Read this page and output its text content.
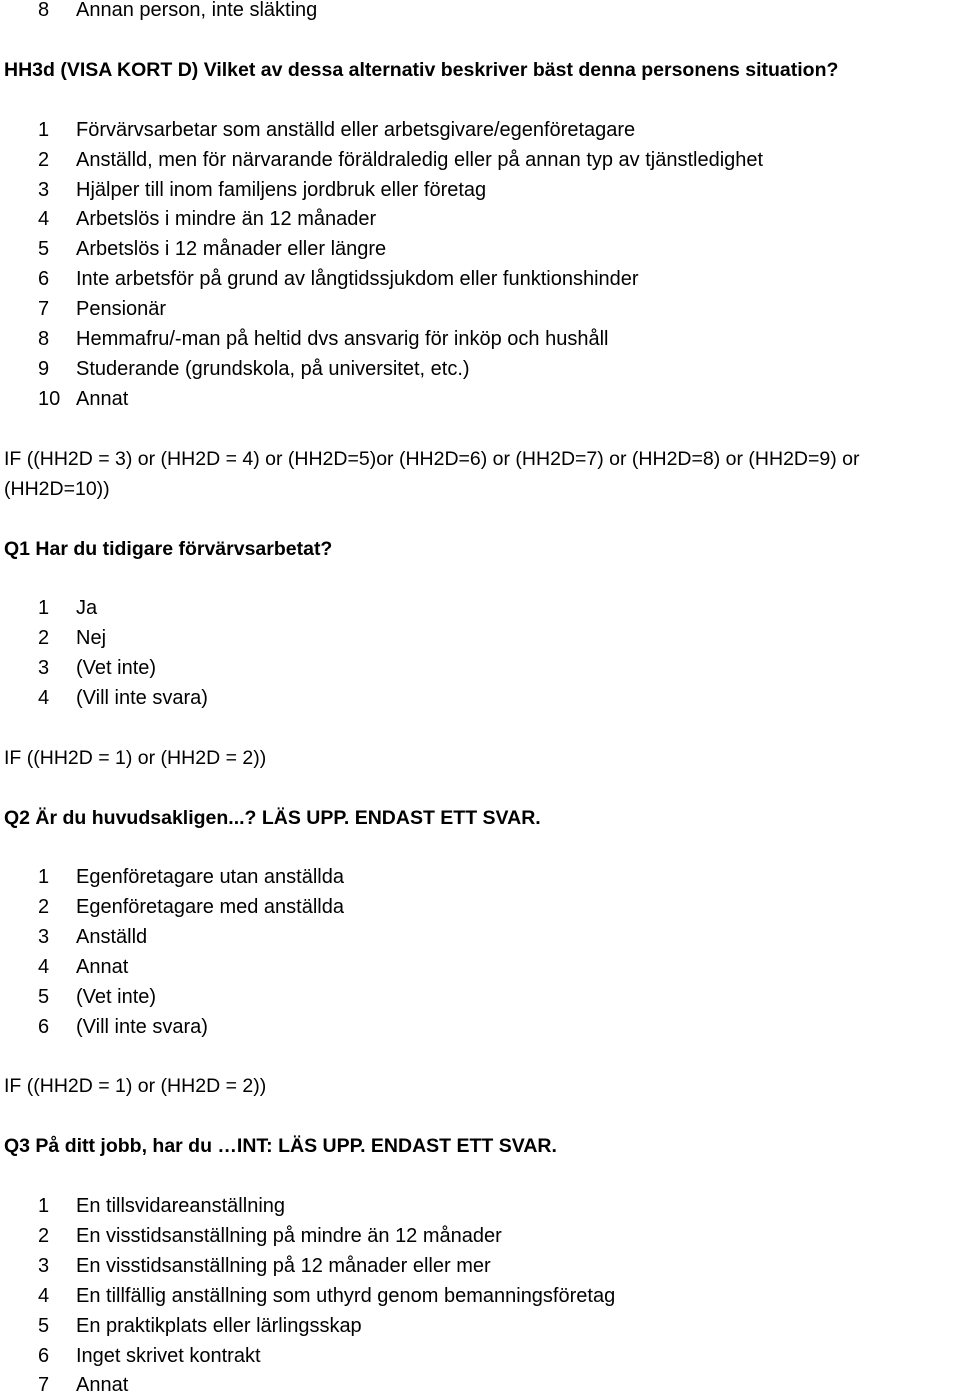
8 Annan person, inte släkting
HH3d (VISA KORT D) Vilket av dessa alternativ beskriver bäst denna personens situation?
1 Förvärvsarbetar som anställd eller arbetsgivare/egenföretagare
2 Anställd, men för närvarande föräldraledig eller på annan typ av tjänstledighet
3 Hjälper till inom familjens jordbruk eller företag
4 Arbetslös i mindre än 12 månader
5 Arbetslös i 12 månader eller längre
6 Inte arbetsför på grund av långtidssjukdom eller funktionshinder
7 Pensionär
8 Hemmafru/-man på heltid dvs ansvarig för inköp och hushåll
9 Studerande (grundskola, på universitet, etc.)
10 Annat
IF ((HH2D = 3) or (HH2D = 4) or (HH2D=5)or (HH2D=6) or (HH2D=7) or (HH2D=8) or (HH2D=9) or
(HH2D=10))
Q1 Har du tidigare förvärvsarbetat?
1 Ja
2 Nej
3 (Vet inte)
4 (Vill inte svara)
IF ((HH2D = 1) or (HH2D = 2))
Q2 Är du huvudsakligen...? LÄS UPP. ENDAST ETT SVAR.
1 Egenföretagare utan anställda
2 Egenföretagare med anställda
3 Anställd
4 Annat
5 (Vet inte)
6 (Vill inte svara)
IF ((HH2D = 1) or (HH2D = 2))
Q3 På ditt jobb, har du …INT: LÄS UPP. ENDAST ETT SVAR.
1 En tillsvidareanställning
2 En visstidsanställning på mindre än 12 månader
3 En visstidsanställning på 12 månader eller mer
4 En tillfällig anställning som uthyrd genom bemanningsföretag
5 En praktikplats eller lärlingsskap
6 Inget skrivet kontrakt
7 Annat
